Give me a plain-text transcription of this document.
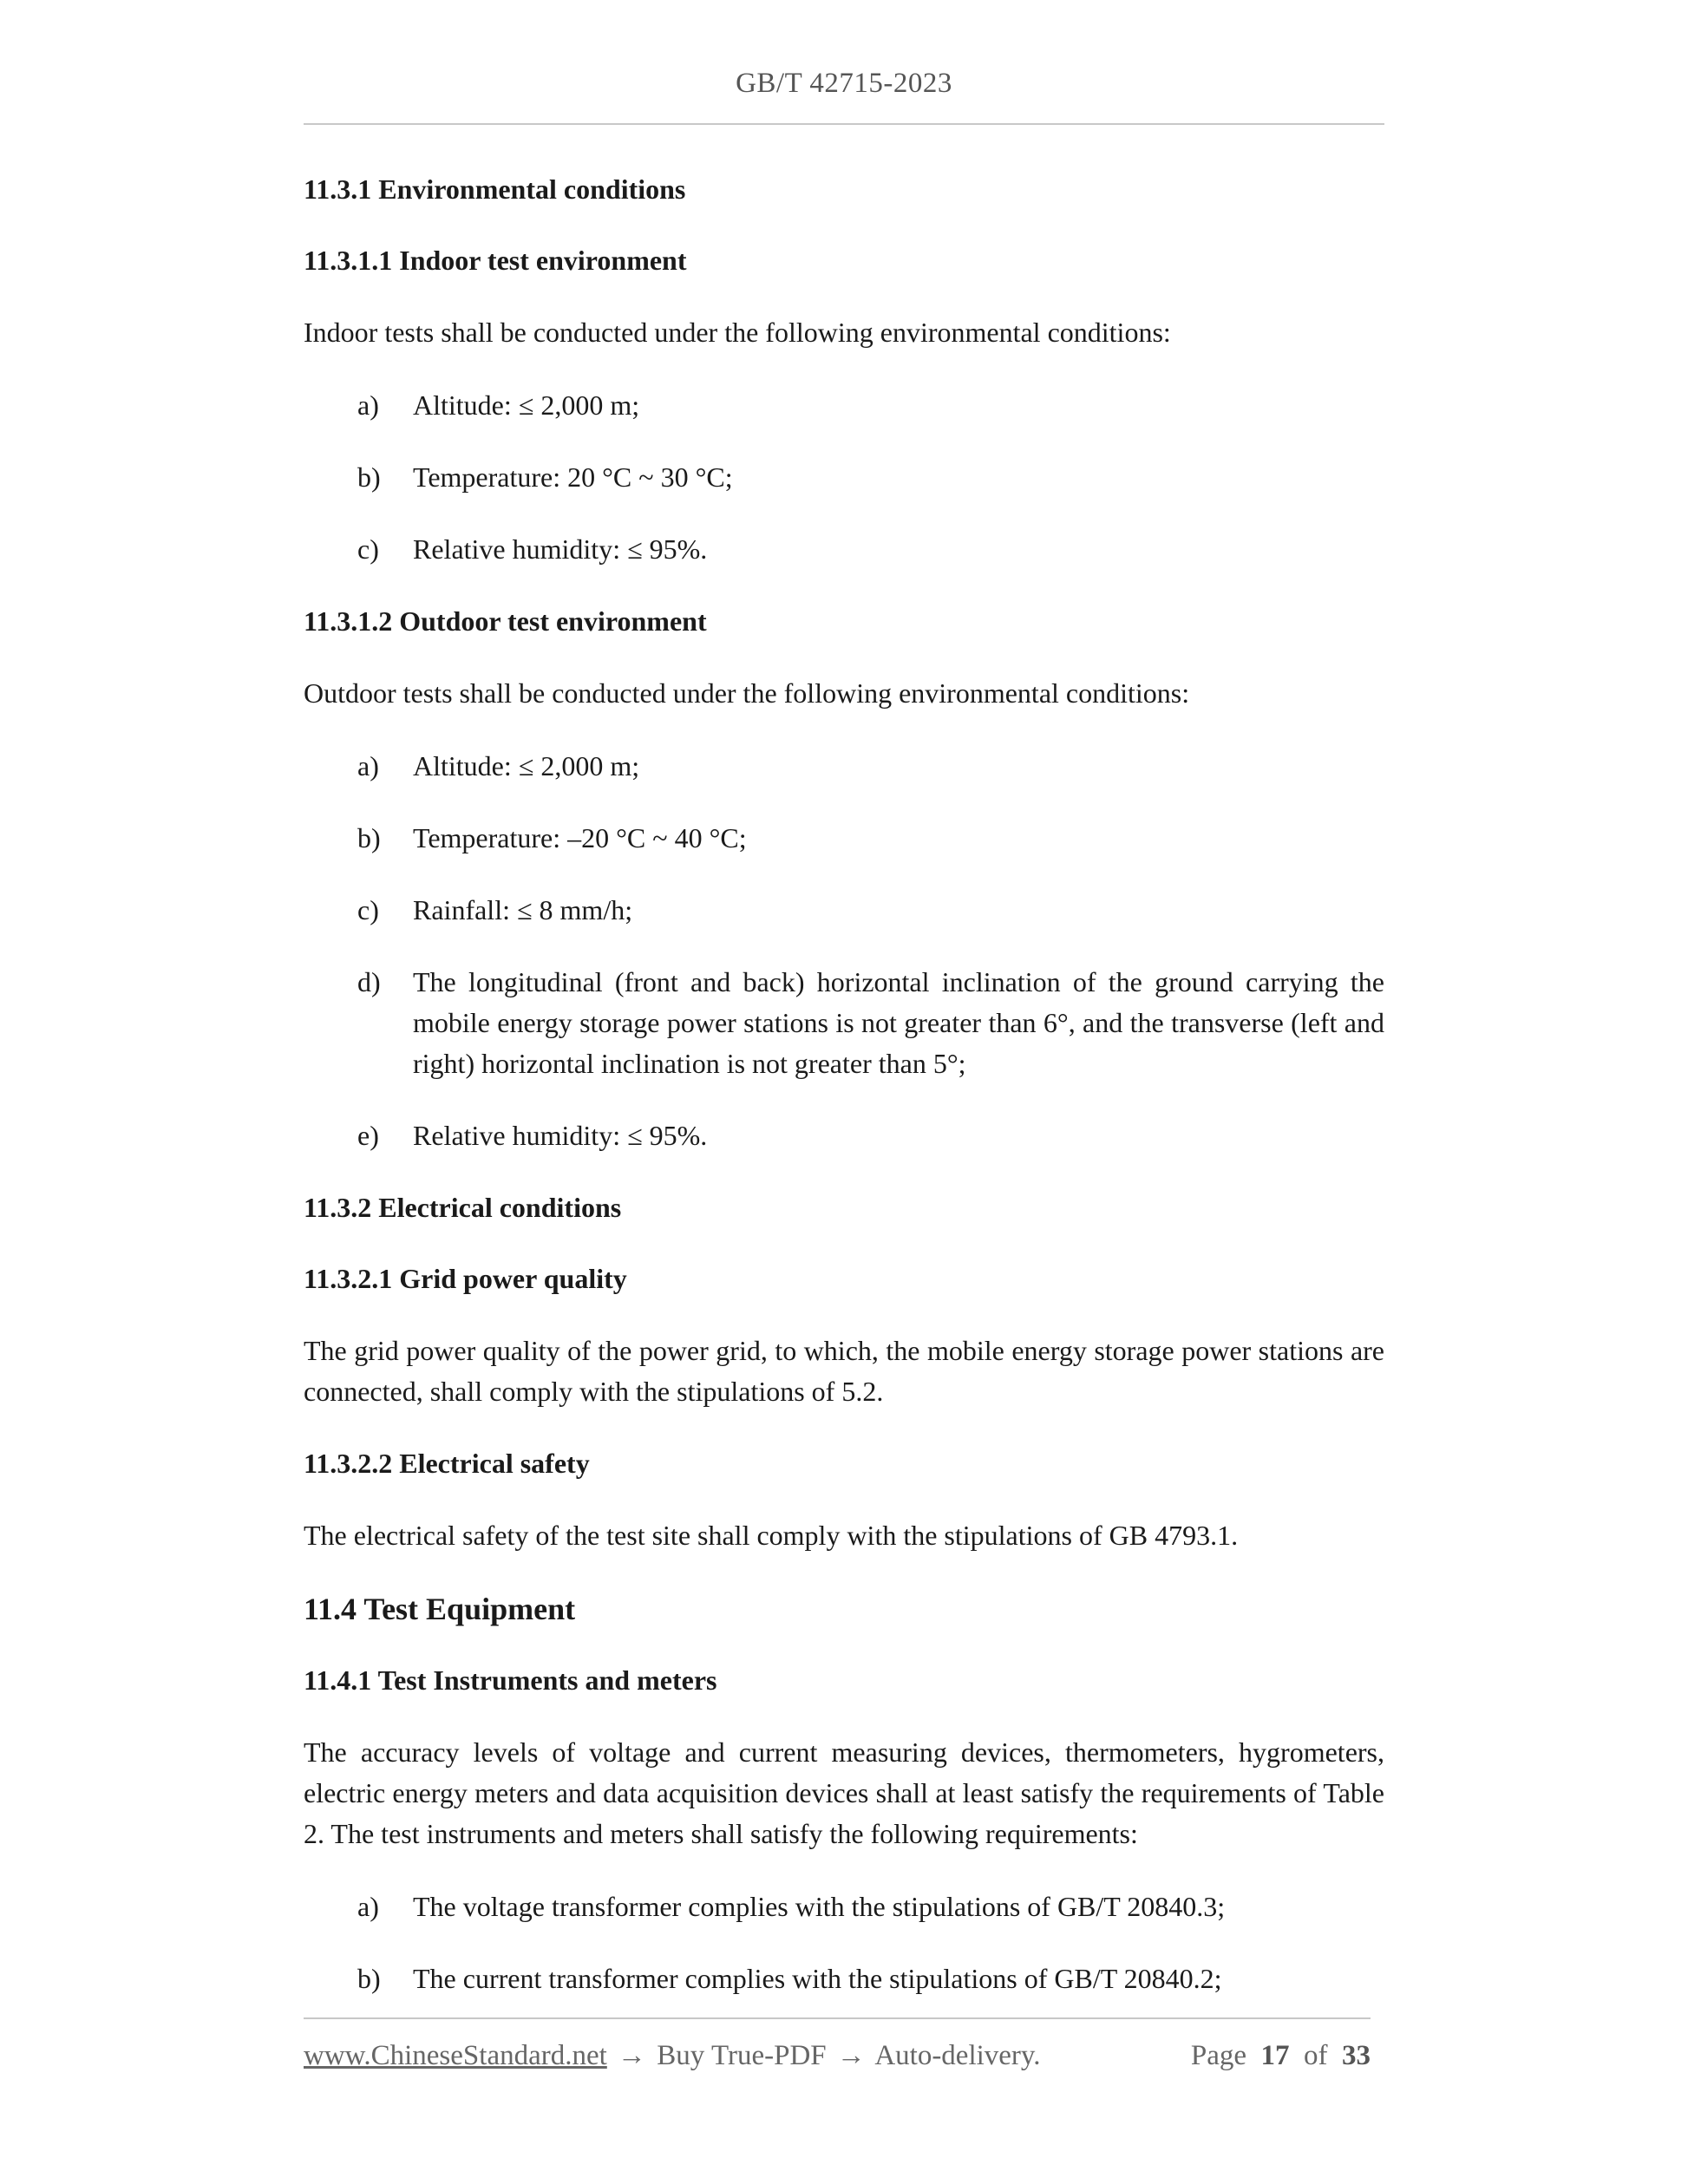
GB/T 42715-2023
11.3.1 Environmental conditions
11.3.1.1 Indoor test environment
Indoor tests shall be conducted under the following environmental conditions:
a)	Altitude: ≤ 2,000 m;
b)	Temperature: 20 °C ~ 30 °C;
c)	Relative humidity: ≤ 95%.
11.3.1.2 Outdoor test environment
Outdoor tests shall be conducted under the following environmental conditions:
a)	Altitude: ≤ 2,000 m;
b)	Temperature: –20 °C ~ 40 °C;
c)	Rainfall: ≤ 8 mm/h;
d)	The longitudinal (front and back) horizontal inclination of the ground carrying the mobile energy storage power stations is not greater than 6°, and the transverse (left and right) horizontal inclination is not greater than 5°;
e)	Relative humidity: ≤ 95%.
11.3.2 Electrical conditions
11.3.2.1 Grid power quality
The grid power quality of the power grid, to which, the mobile energy storage power stations are connected, shall comply with the stipulations of 5.2.
11.3.2.2 Electrical safety
The electrical safety of the test site shall comply with the stipulations of GB 4793.1.
11.4 Test Equipment
11.4.1 Test Instruments and meters
The accuracy levels of voltage and current measuring devices, thermometers, hygrometers, electric energy meters and data acquisition devices shall at least satisfy the requirements of Table 2. The test instruments and meters shall satisfy the following requirements:
a)	The voltage transformer complies with the stipulations of GB/T 20840.3;
b)	The current transformer complies with the stipulations of GB/T 20840.2;
www.ChineseStandard.net → Buy True-PDF → Auto-delivery.	Page 17 of 33
